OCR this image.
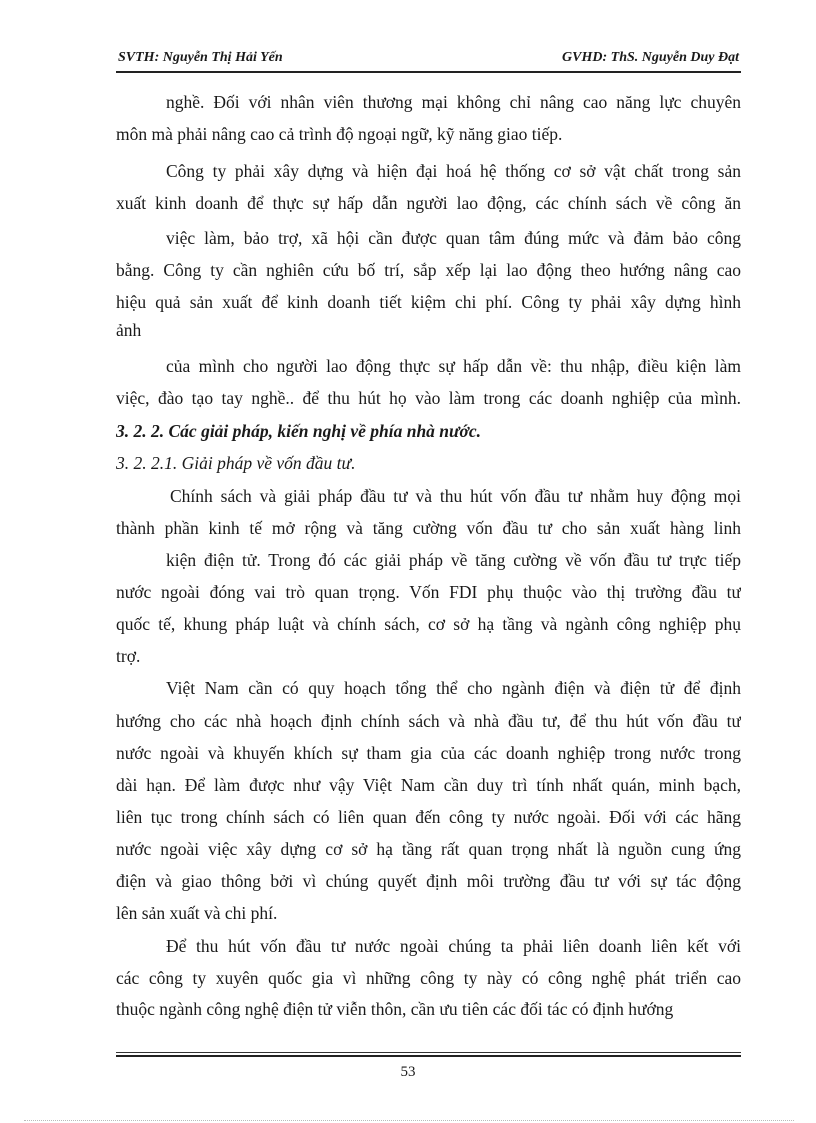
SVTH: Nguyễn Thị Hải Yến	GVHD: ThS. Nguyễn Duy Đạt
nghề. Đối với nhân viên thương mại không chỉ nâng cao năng lực chuyên
môn mà phải nâng cao cả trình độ ngoại ngữ, kỹ năng giao tiếp.
Công ty phải xây dựng và hiện đại hoá hệ thống cơ sở vật chất trong sản
xuất kinh doanh để thực sự hấp dẫn người lao động, các chính sách về công ăn
việc làm, bảo trợ, xã hội cần được quan tâm đúng mức và đảm bảo công
bằng. Công ty cần nghiên cứu bố trí, sắp xếp lại lao động theo hướng nâng cao
hiệu quả sản xuất để kinh doanh tiết kiệm chi phí. Công ty phải xây dựng hình
ảnh
của mình cho người lao động thực sự hấp dẫn về: thu nhập, điều kiện làm
việc, đào tạo tay nghề.. để thu hút họ vào làm trong các doanh nghiệp của mình.
3. 2. 2. Các giải pháp, kiến nghị về phía nhà nước.
3. 2. 2.1. Giải pháp về vốn đầu tư.
Chính sách và giải pháp đầu tư và thu hút vốn đầu tư nhằm huy động mọi
thành phần kinh tế mở rộng và tăng cường vốn đầu tư cho sản xuất hàng linh
kiện điện tử. Trong đó các giải pháp về tăng cường về vốn đầu tư trực tiếp
nước ngoài đóng vai trò quan trọng. Vốn FDI phụ thuộc vào thị trường đầu tư
quốc tế, khung pháp luật và chính sách, cơ sở hạ tầng và ngành công nghiệp phụ
trợ.
Việt Nam cần có quy hoạch tổng thể cho ngành điện và điện tử để định
hướng cho các nhà hoạch định chính sách và nhà đầu tư, để thu hút vốn đầu tư
nước ngoài và khuyến khích sự tham gia của các doanh nghiệp trong nước trong
dài hạn. Để làm được như vậy Việt Nam cần duy trì tính nhất quán, minh bạch,
liên tục trong chính sách có liên quan đến công ty nước ngoài. Đối với các hãng
nước ngoài việc xây dựng cơ sở hạ tầng rất quan trọng nhất là nguồn cung ứng
điện và giao thông bởi vì chúng quyết định môi trường đầu tư với sự tác động
lên sản xuất và chi phí.
Để thu hút vốn đầu tư nước ngoài chúng ta phải liên doanh liên kết với
các công ty xuyên quốc gia vì những công ty này có công nghệ phát triển cao
thuộc ngành công nghệ điện tử viễn thôn, cần ưu tiên các đối tác có định hướng
53
